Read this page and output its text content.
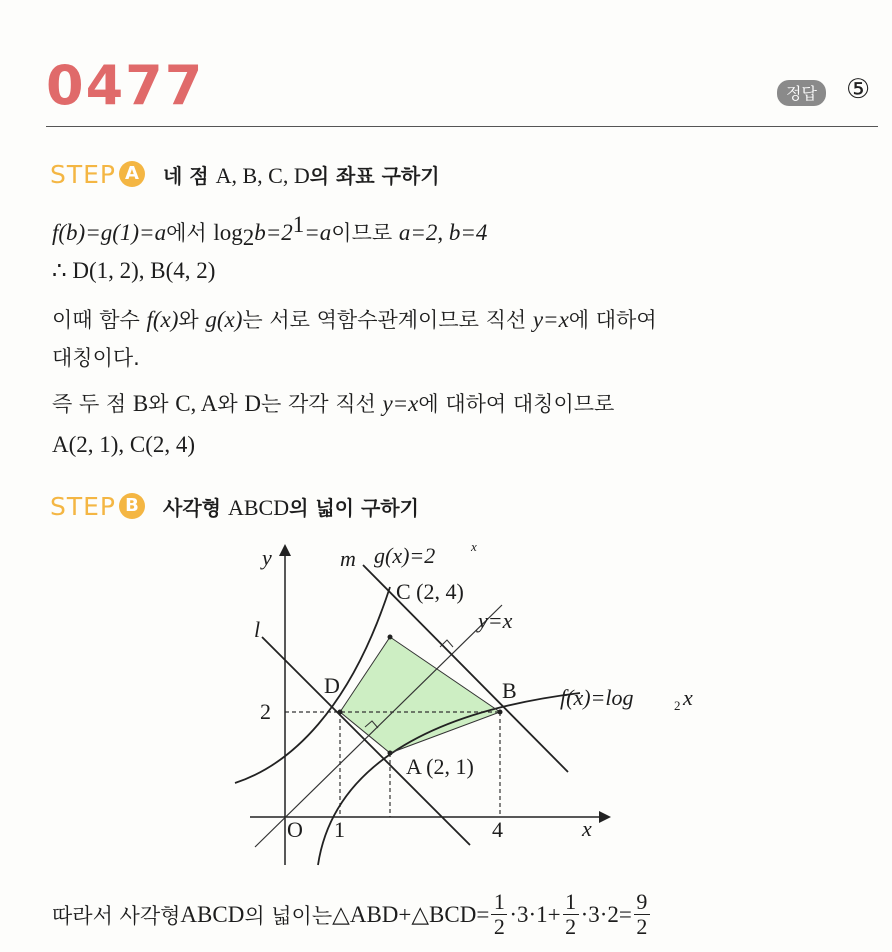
0477	정답	⑤
STEP A	네 점 A, B, C, D의 좌표 구하기
f(b)=g(1)=a에서 $\log_2b=2^1=a$이므로 a=2, b=4
∴ D(1, 2), B(4, 2)
이때 함수 f(x)와 g(x)는 서로 역함수관계이므로 직선 y=x에 대하여
대칭이다.
즉 두 점 B와 C, A와 D는 각각 직선 y=x에 대하여 대칭이므로
A(2, 1), C(2, 4)
STEP B	사각형 ABCD의 넓이 구하기
y
x
O 1	4
2
m
l
g(x)=2	x
y=x
f(x)=log	2 x
C (2, 4)
D	B
A (2, 1)
따라서 사각형 ABCD 의 넓이는 △ABD+△BCD= $\frac{1}{2} \cdot 3\cdot 1+ \frac{1}{2} \cdot 3\cdot 2= \frac{9}{2}$
